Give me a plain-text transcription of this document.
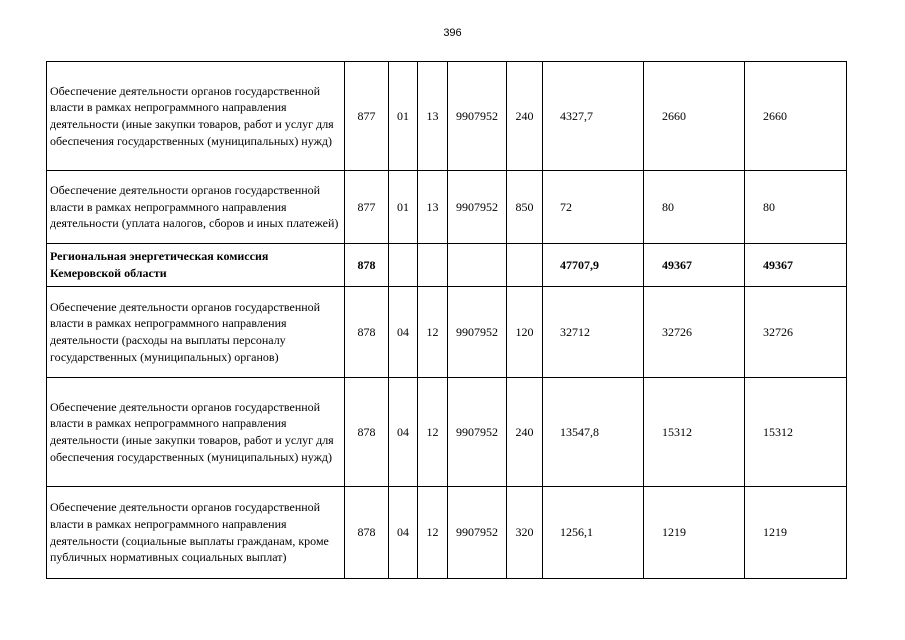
396
Обеспечение деятельности органов государственной власти в рамках непрограммного направления деятельности (иные закупки товаров, работ и услуг для обеспечения государственных (муниципальных) нужд)	877	01	13	9907952	240	4327,7	2660	2660
Обеспечение деятельности органов государственной власти в рамках непрограммного направления деятельности (уплата налогов, сборов и иных платежей)	877	01	13	9907952	850	72	80	80
Региональная энергетическая комиссия Кемеровской области	878					47707,9	49367	49367
Обеспечение деятельности органов государственной власти в рамках непрограммного направления деятельности (расходы на выплаты персоналу государственных (муниципальных) органов)	878	04	12	9907952	120	32712	32726	32726
Обеспечение деятельности органов государственной власти в рамках непрограммного направления деятельности (иные закупки товаров, работ и услуг для обеспечения государственных (муниципальных) нужд)	878	04	12	9907952	240	13547,8	15312	15312
Обеспечение деятельности органов государственной власти в рамках непрограммного направления деятельности (социальные выплаты гражданам, кроме публичных нормативных социальных выплат)	878	04	12	9907952	320	1256,1	1219	1219
